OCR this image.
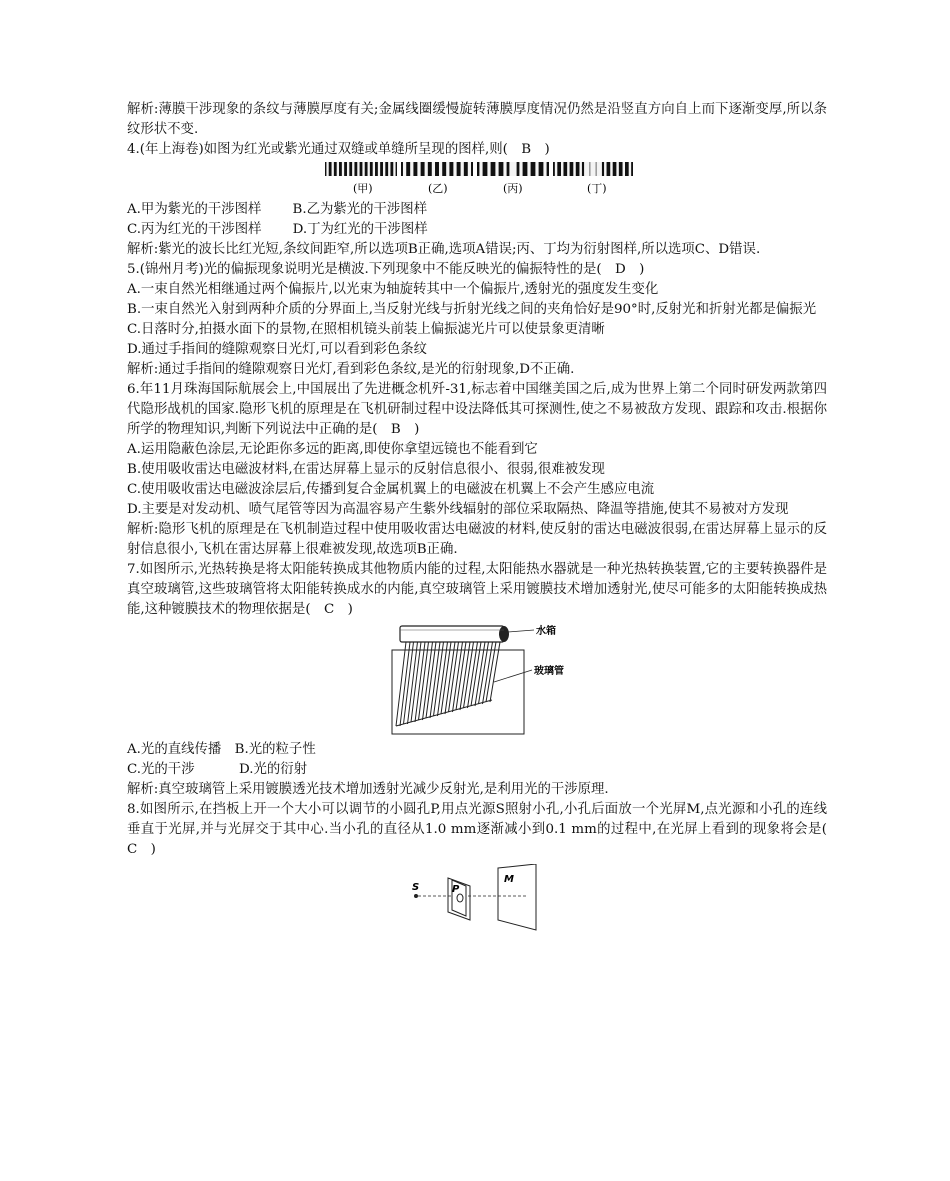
解析:薄膜干涉现象的条纹与薄膜厚度有关;金属线圈缓慢旋转薄膜厚度情况仍然是沿竖直方向自上而下逐渐变厚,所以条纹形状不变.

4.(年上海卷)如图为红光或紫光通过双缝或单缝所呈现的图样,则(　B　)

(甲)	(乙)	(丙)	(丁)

A.甲为紫光的干涉图样　　 B.乙为紫光的干涉图样

C.丙为红光的干涉图样　　 D.丁为红光的干涉图样

解析:紫光的波长比红光短,条纹间距窄,所以选项B正确,选项A错误;丙、丁均为衍射图样,所以选项C、D错误.

5.(锦州月考)光的偏振现象说明光是横波.下列现象中不能反映光的偏振特性的是(　D　)

A.一束自然光相继通过两个偏振片,以光束为轴旋转其中一个偏振片,透射光的强度发生变化

B.一束自然光入射到两种介质的分界面上,当反射光线与折射光线之间的夹角恰好是90°时,反射光和折射光都是偏振光

C.日落时分,拍摄水面下的景物,在照相机镜头前装上偏振滤光片可以使景象更清晰

D.通过手指间的缝隙观察日光灯,可以看到彩色条纹

解析:通过手指间的缝隙观察日光灯,看到彩色条纹,是光的衍射现象,D不正确.

6.年11月珠海国际航展会上,中国展出了先进概念机歼-31,标志着中国继美国之后,成为世界上第二个同时研发两款第四代隐形战机的国家.隐形飞机的原理是在飞机研制过程中设法降低其可探测性,使之不易被敌方发现、跟踪和攻击.根据你所学的物理知识,判断下列说法中正确的是(　B　)

A.运用隐蔽色涂层,无论距你多远的距离,即使你拿望远镜也不能看到它

B.使用吸收雷达电磁波材料,在雷达屏幕上显示的反射信息很小、很弱,很难被发现

C.使用吸收雷达电磁波涂层后,传播到复合金属机翼上的电磁波在机翼上不会产生感应电流

D.主要是对发动机、喷气尾管等因为高温容易产生紫外线辐射的部位采取隔热、降温等措施,使其不易被对方发现

解析:隐形飞机的原理是在飞机制造过程中使用吸收雷达电磁波的材料,使反射的雷达电磁波很弱,在雷达屏幕上显示的反射信息很小,飞机在雷达屏幕上很难被发现,故选项B正确.

7.如图所示,光热转换是将太阳能转换成其他物质内能的过程,太阳能热水器就是一种光热转换装置,它的主要转换器件是真空玻璃管,这些玻璃管将太阳能转换成水的内能,真空玻璃管上采用镀膜技术增加透射光,使尽可能多的太阳能转换成热能,这种镀膜技术的物理依据是(　C　)

水箱
玻璃管

A.光的直线传播　B.光的粒子性

C.光的干涉　　　 D.光的衍射

解析:真空玻璃管上采用镀膜透光技术增加透射光减少反射光,是利用光的干涉原理.

8.如图所示,在挡板上开一个大小可以调节的小圆孔P,用点光源S照射小孔,小孔后面放一个光屏M,点光源和小孔的连线垂直于光屏,并与光屏交于其中心.当小孔的直径从1.0 mm逐渐减小到0.1 mm的过程中,在光屏上看到的现象将会是(　C　)

S	P
M
